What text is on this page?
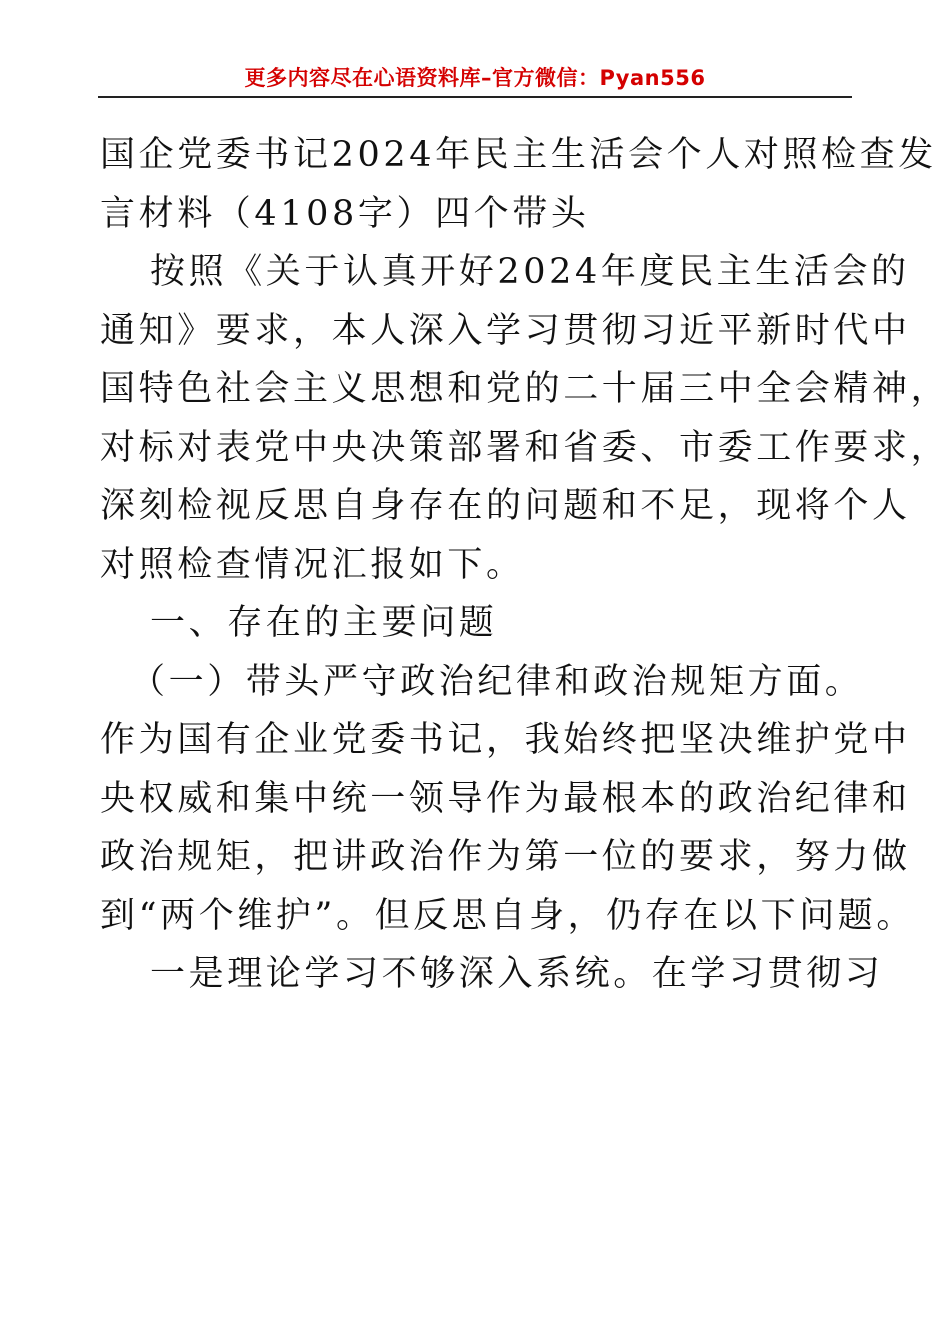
更多内容尽在心语资料库–官方微信：Pyan556
国企党委书记2024年民主生活会个人对照检查发
言材料（4108字）四个带头
按照《关于认真开好2024年度民主生活会的
通知》要求，本人深入学习贯彻习近平新时代中
国特色社会主义思想和党的二十届三中全会精神，
对标对表党中央决策部署和省委、市委工作要求，
深刻检视反思自身存在的问题和不足，现将个人
对照检查情况汇报如下。
一、存在的主要问题
（一）带头严守政治纪律和政治规矩方面。
作为国有企业党委书记，我始终把坚决维护党中
央权威和集中统一领导作为最根本的政治纪律和
政治规矩，把讲政治作为第一位的要求，努力做
到“两个维护”。但反思自身，仍存在以下问题。
一是理论学习不够深入系统。在学习贯彻习
